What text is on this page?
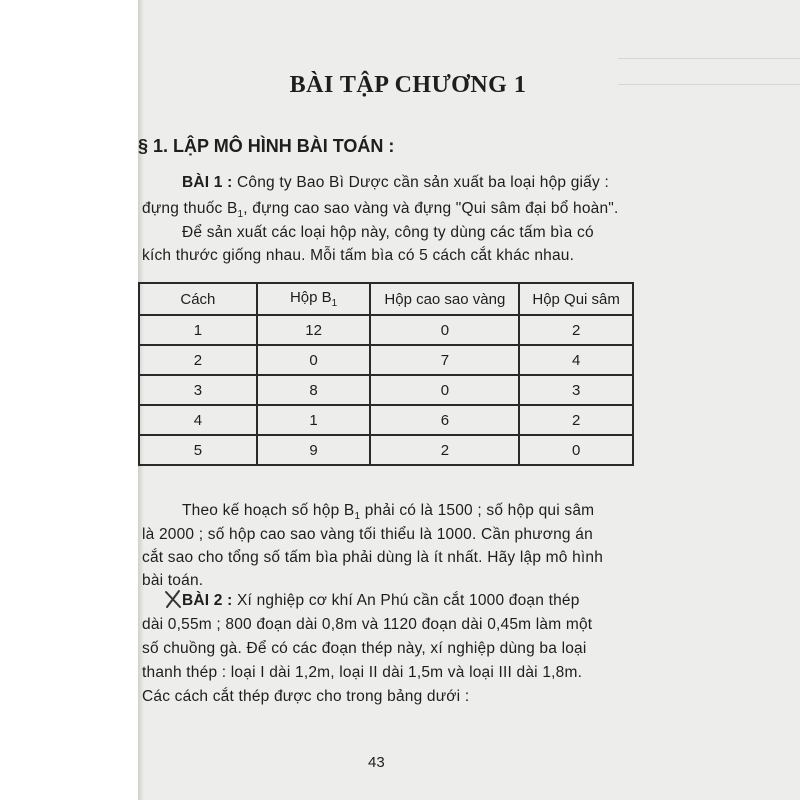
BÀI TẬP CHƯƠNG 1
§ 1. LẬP MÔ HÌNH BÀI TOÁN :
BÀI 1 : Công ty Bao Bì Dược cần sản xuất ba loại hộp giấy :
đựng thuốc $B_1$, đựng cao sao vàng và đựng "Qui sâm đại bổ hoàn".
Để sản xuất các loại hộp này, công ty dùng các tấm bìa có
kích thước giống nhau. Mỗi tấm bìa có 5 cách cắt khác nhau.
Cách	Hộp $B_1$	Hộp cao sao vàng	Hộp Qui sâm
1	12	0	2
2	0	7	4
3	8	0	3
4	1	6	2
5	9	2	0
Theo kế hoạch số hộp $B_1$ phải có là 1500 ; số hộp qui sâm
là 2000 ; số hộp cao sao vàng tối thiểu là 1000. Cần phương án
cắt sao cho tổng số tấm bìa phải dùng là ít nhất. Hãy lập mô hình
bài toán.
BÀI 2 : Xí nghiệp cơ khí An Phú cần cắt 1000 đoạn thép
dài 0,55m ; 800 đoạn dài 0,8m và 1120 đoạn dài 0,45m làm một
số chuồng gà. Để có các đoạn thép này, xí nghiệp dùng ba loại
thanh thép : loại I dài 1,2m, loại II dài 1,5m và loại III dài 1,8m.
Các cách cắt thép được cho trong bảng dưới :
43
